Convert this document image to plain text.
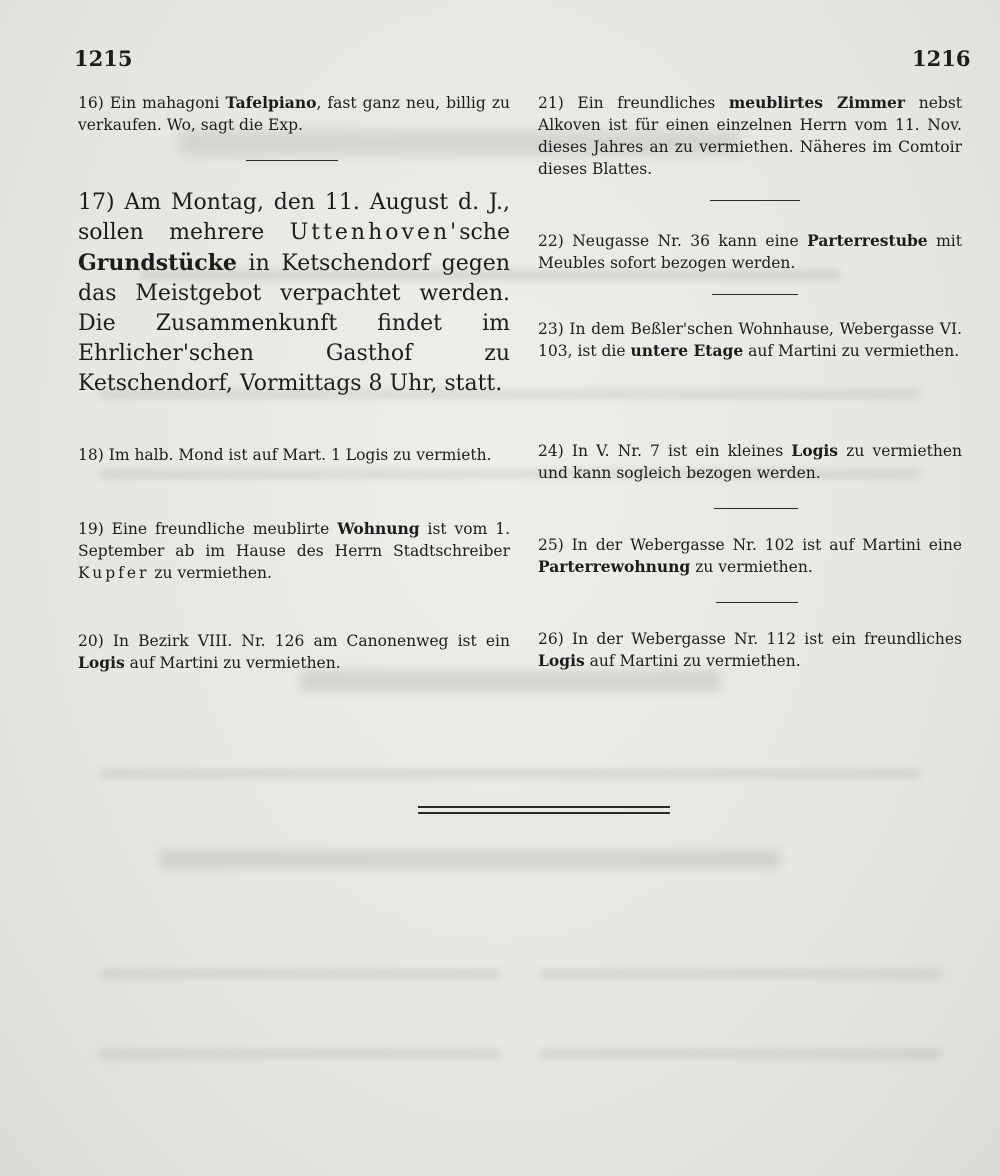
1215	1216

16) Ein mahagoni Tafelpiano, fast ganz neu, billig zu verkaufen. Wo, sagt die Exp.

17) Am Montag, den 11. August d. J., sollen mehrere Uttenhoven'sche Grundstücke in Ketschendorf gegen das Meistgebot verpachtet werden. Die Zusammenkunft findet im Ehrlicher'schen Gasthof zu Ketschendorf, Vormittags 8 Uhr, statt.

18) Im halb. Mond ist auf Mart. 1 Logis zu vermieth.

19) Eine freundliche meublirte Wohnung ist vom 1. September ab im Hause des Herrn Stadtschreiber Kupfer zu vermiethen.

20) In Bezirk VIII. Nr. 126 am Canonenweg ist ein Logis auf Martini zu vermiethen.

21) Ein freundliches meublirtes Zimmer nebst Alkoven ist für einen einzelnen Herrn vom 11. Nov. dieses Jahres an zu vermiethen. Näheres im Comtoir dieses Blattes.

22) Neugasse Nr. 36 kann eine Parterrestube mit Meubles sofort bezogen werden.

23) In dem Beßler'schen Wohnhause, Webergasse VI. 103, ist die untere Etage auf Martini zu vermiethen.

24) In V. Nr. 7 ist ein kleines Logis zu vermiethen und kann sogleich bezogen werden.

25) In der Webergasse Nr. 102 ist auf Martini eine Parterrewohnung zu vermiethen.

26) In der Webergasse Nr. 112 ist ein freundliches Logis auf Martini zu vermiethen.
